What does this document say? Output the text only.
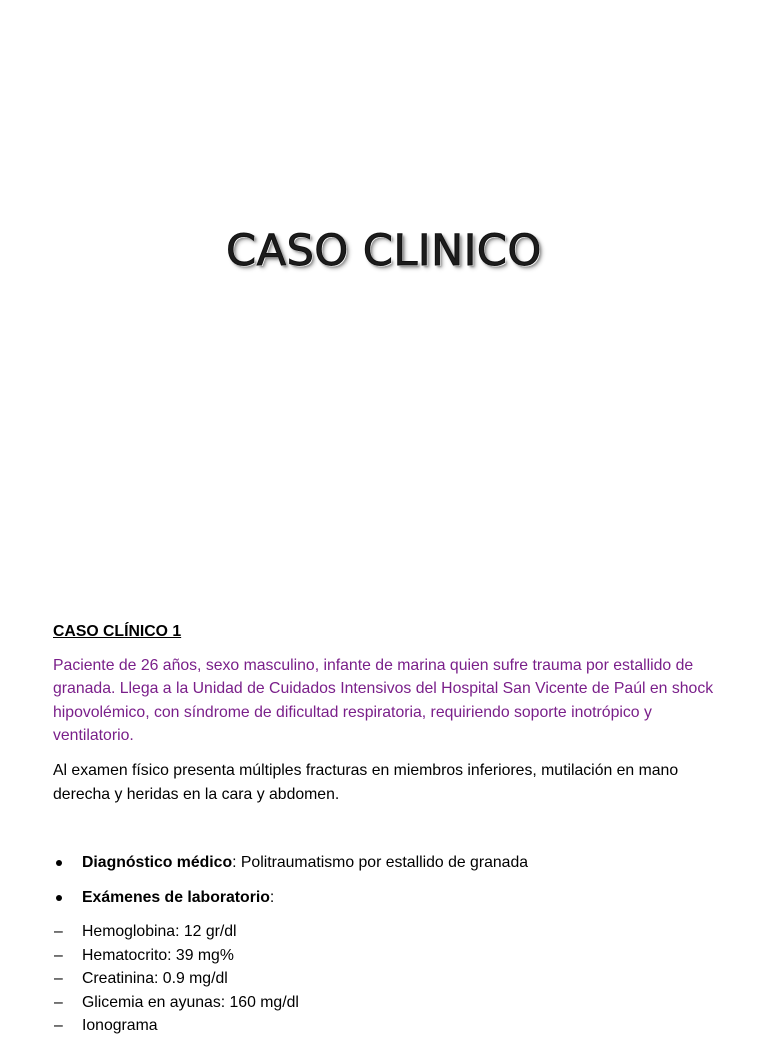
CASO CLINICO

CASO CLÍNICO 1

Paciente de 26 años, sexo masculino, infante de marina quien sufre trauma por estallido de granada. Llega a la Unidad de Cuidados Intensivos del Hospital San Vicente de Paúl en shock hipovolémico, con síndrome de dificultad respiratoria, requiriendo soporte inotrópico y ventilatorio.

Al examen físico presenta múltiples fracturas en miembros inferiores, mutilación en mano derecha y heridas en la cara y abdomen.

Diagnóstico médico: Politraumatismo por estallido de granada
Exámenes de laboratorio:
– Hemoglobina: 12 gr/dl
– Hematocrito: 39 mg%
– Creatinina: 0.9 mg/dl
– Glicemia en ayunas: 160 mg/dl
– Ionograma
